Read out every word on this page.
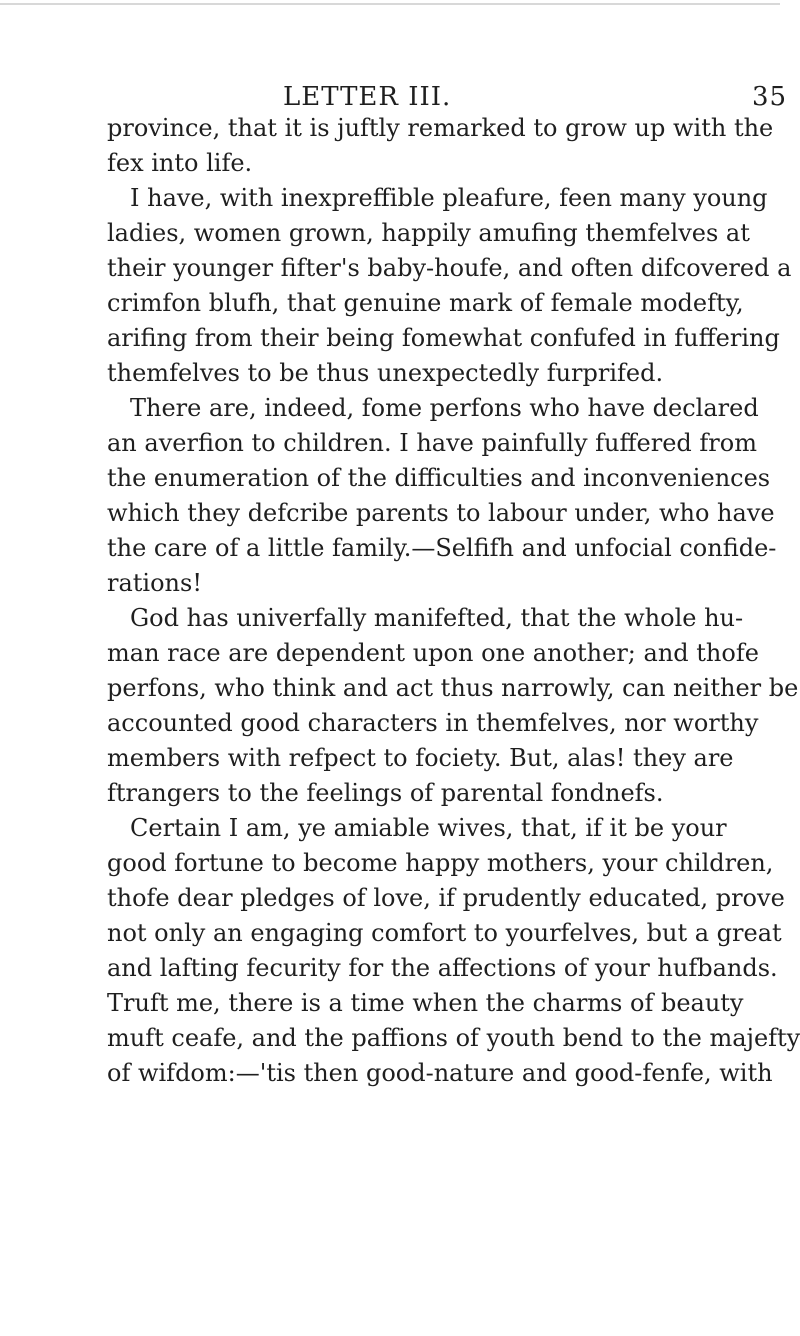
LETTER III.	35
province, that it is juftly remarked to grow up with the
fex into life.
I have, with inexpreffible pleafure, feen many young
ladies, women grown, happily amufing themfelves at
their younger fifter's baby-houfe, and often difcovered a
crimfon blufh, that genuine mark of female modefty,
arifing from their being fomewhat confufed in fuffering
themfelves to be thus unexpectedly furprifed.
There are, indeed, fome perfons who have declared
an averfion to children. I have painfully fuffered from
the enumeration of the difficulties and inconveniences
which they defcribe parents to labour under, who have
the care of a little family.—Selfifh and unfocial confide-
rations!
God has univerfally manifefted, that the whole hu-
man race are dependent upon one another; and thofe
perfons, who think and act thus narrowly, can neither be
accounted good characters in themfelves, nor worthy
members with refpect to fociety. But, alas! they are
ftrangers to the feelings of parental fondnefs.
Certain I am, ye amiable wives, that, if it be your
good fortune to become happy mothers, your children,
thofe dear pledges of love, if prudently educated, prove
not only an engaging comfort to yourfelves, but a great
and lafting fecurity for the affections of your hufbands.
Truft me, there is a time when the charms of beauty
muft ceafe, and the paffions of youth bend to the majefty
of wifdom:—'tis then good-nature and good-fenfe, with
